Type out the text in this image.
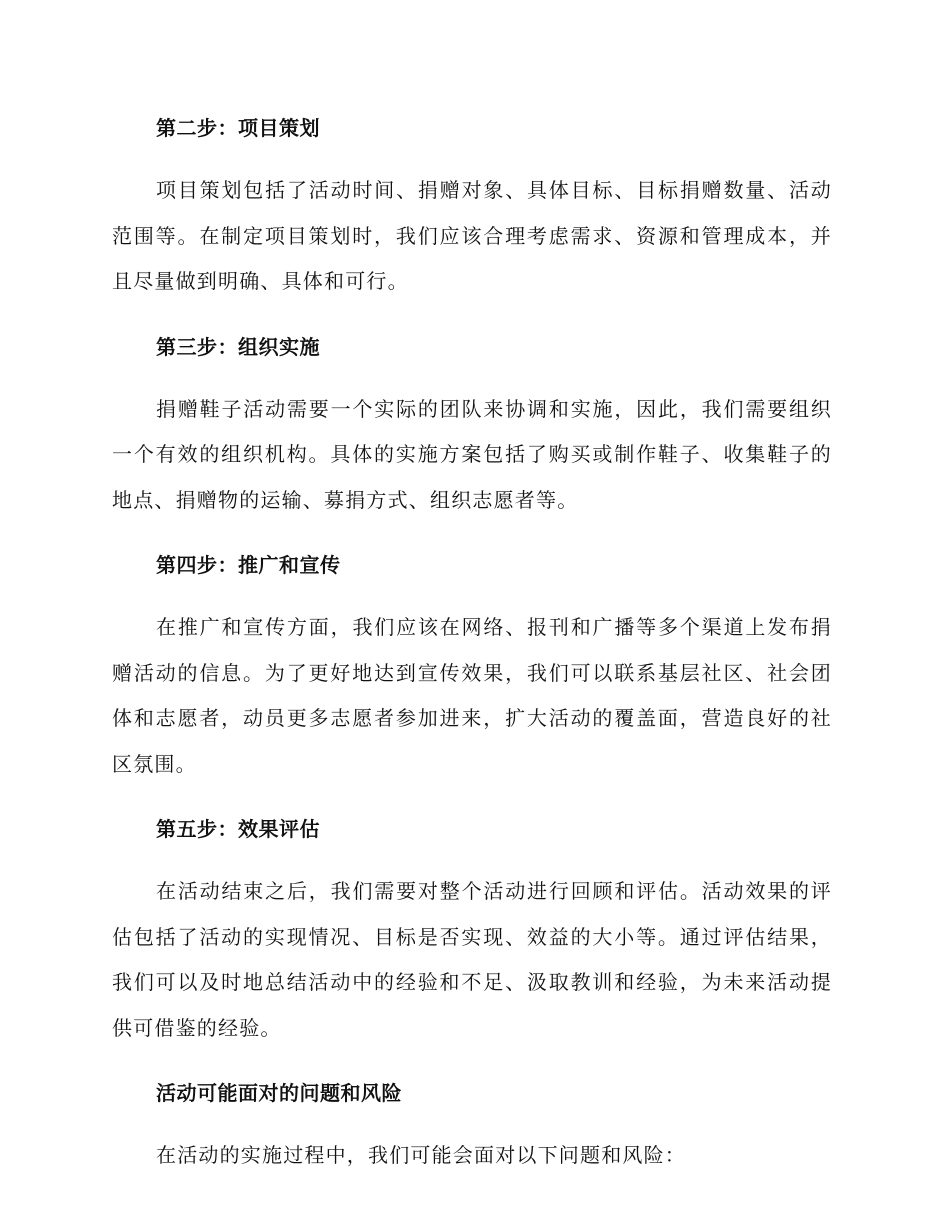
第二步：项目策划
项目策划包括了活动时间、捐赠对象、具体目标、目标捐赠数量、活动范围等。在制定项目策划时，我们应该合理考虑需求、资源和管理成本，并且尽量做到明确、具体和可行。
第三步：组织实施
捐赠鞋子活动需要一个实际的团队来协调和实施，因此，我们需要组织一个有效的组织机构。具体的实施方案包括了购买或制作鞋子、收集鞋子的地点、捐赠物的运输、募捐方式、组织志愿者等。
第四步：推广和宣传
在推广和宣传方面，我们应该在网络、报刊和广播等多个渠道上发布捐赠活动的信息。为了更好地达到宣传效果，我们可以联系基层社区、社会团体和志愿者，动员更多志愿者参加进来，扩大活动的覆盖面，营造良好的社区氛围。
第五步：效果评估
在活动结束之后，我们需要对整个活动进行回顾和评估。活动效果的评估包括了活动的实现情况、目标是否实现、效益的大小等。通过评估结果，我们可以及时地总结活动中的经验和不足、汲取教训和经验，为未来活动提供可借鉴的经验。
活动可能面对的问题和风险
在活动的实施过程中，我们可能会面对以下问题和风险：
